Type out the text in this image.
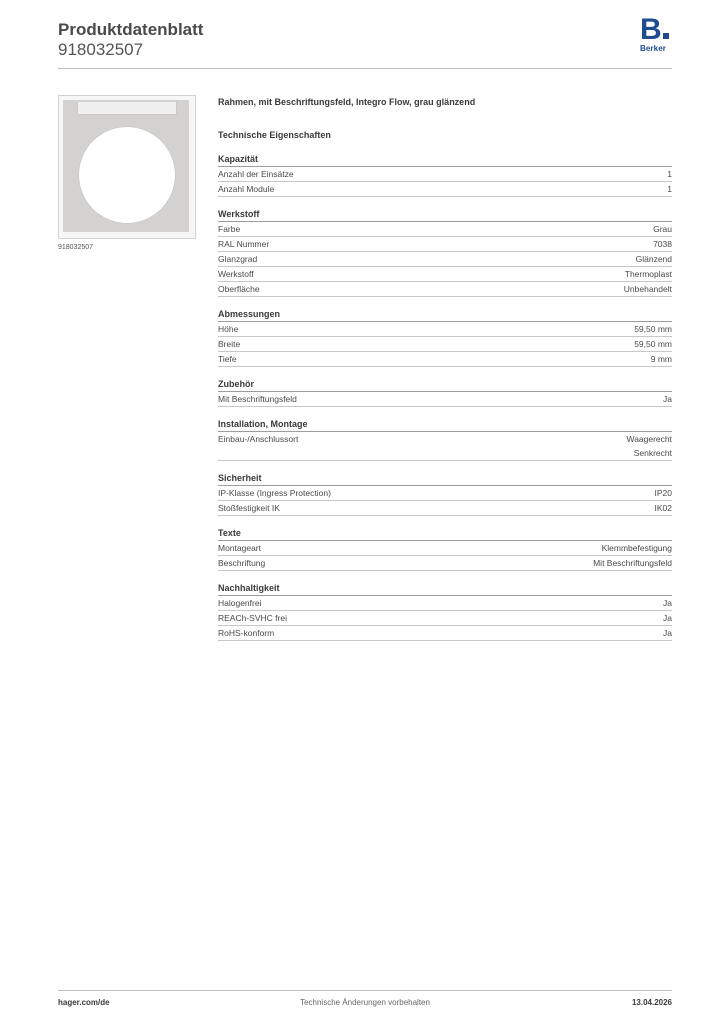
Produktdatenblatt
918032507
B
Berker
918032507
Rahmen, mit Beschriftungsfeld, Integro Flow, grau glänzend
Technische Eigenschaften
Kapazität
Anzahl der Einsätze	1
Anzahl Module	1
Werkstoff
Farbe	Grau
RAL Nummer	7038
Glanzgrad	Glänzend
Werkstoff	Thermoplast
Oberfläche	Unbehandelt
Abmessungen
Höhe	59,50 mm
Breite	59,50 mm
Tiefe	9 mm
Zubehör
Mit Beschriftungsfeld	Ja
Installation, Montage
Einbau-/Anschlussort	Waagerecht
Senkrecht
Sicherheit
IP-Klasse (Ingress Protection)	IP20
Stoßfestigkeit IK	IK02
Texte
Montageart	Klemmbefestigung
Beschriftung	Mit Beschriftungsfeld
Nachhaltigkeit
Halogenfrei	Ja
REACh-SVHC frei	Ja
RoHS-konform	Ja
hager.com/de	Technische Änderungen vorbehalten	13.04.2026
